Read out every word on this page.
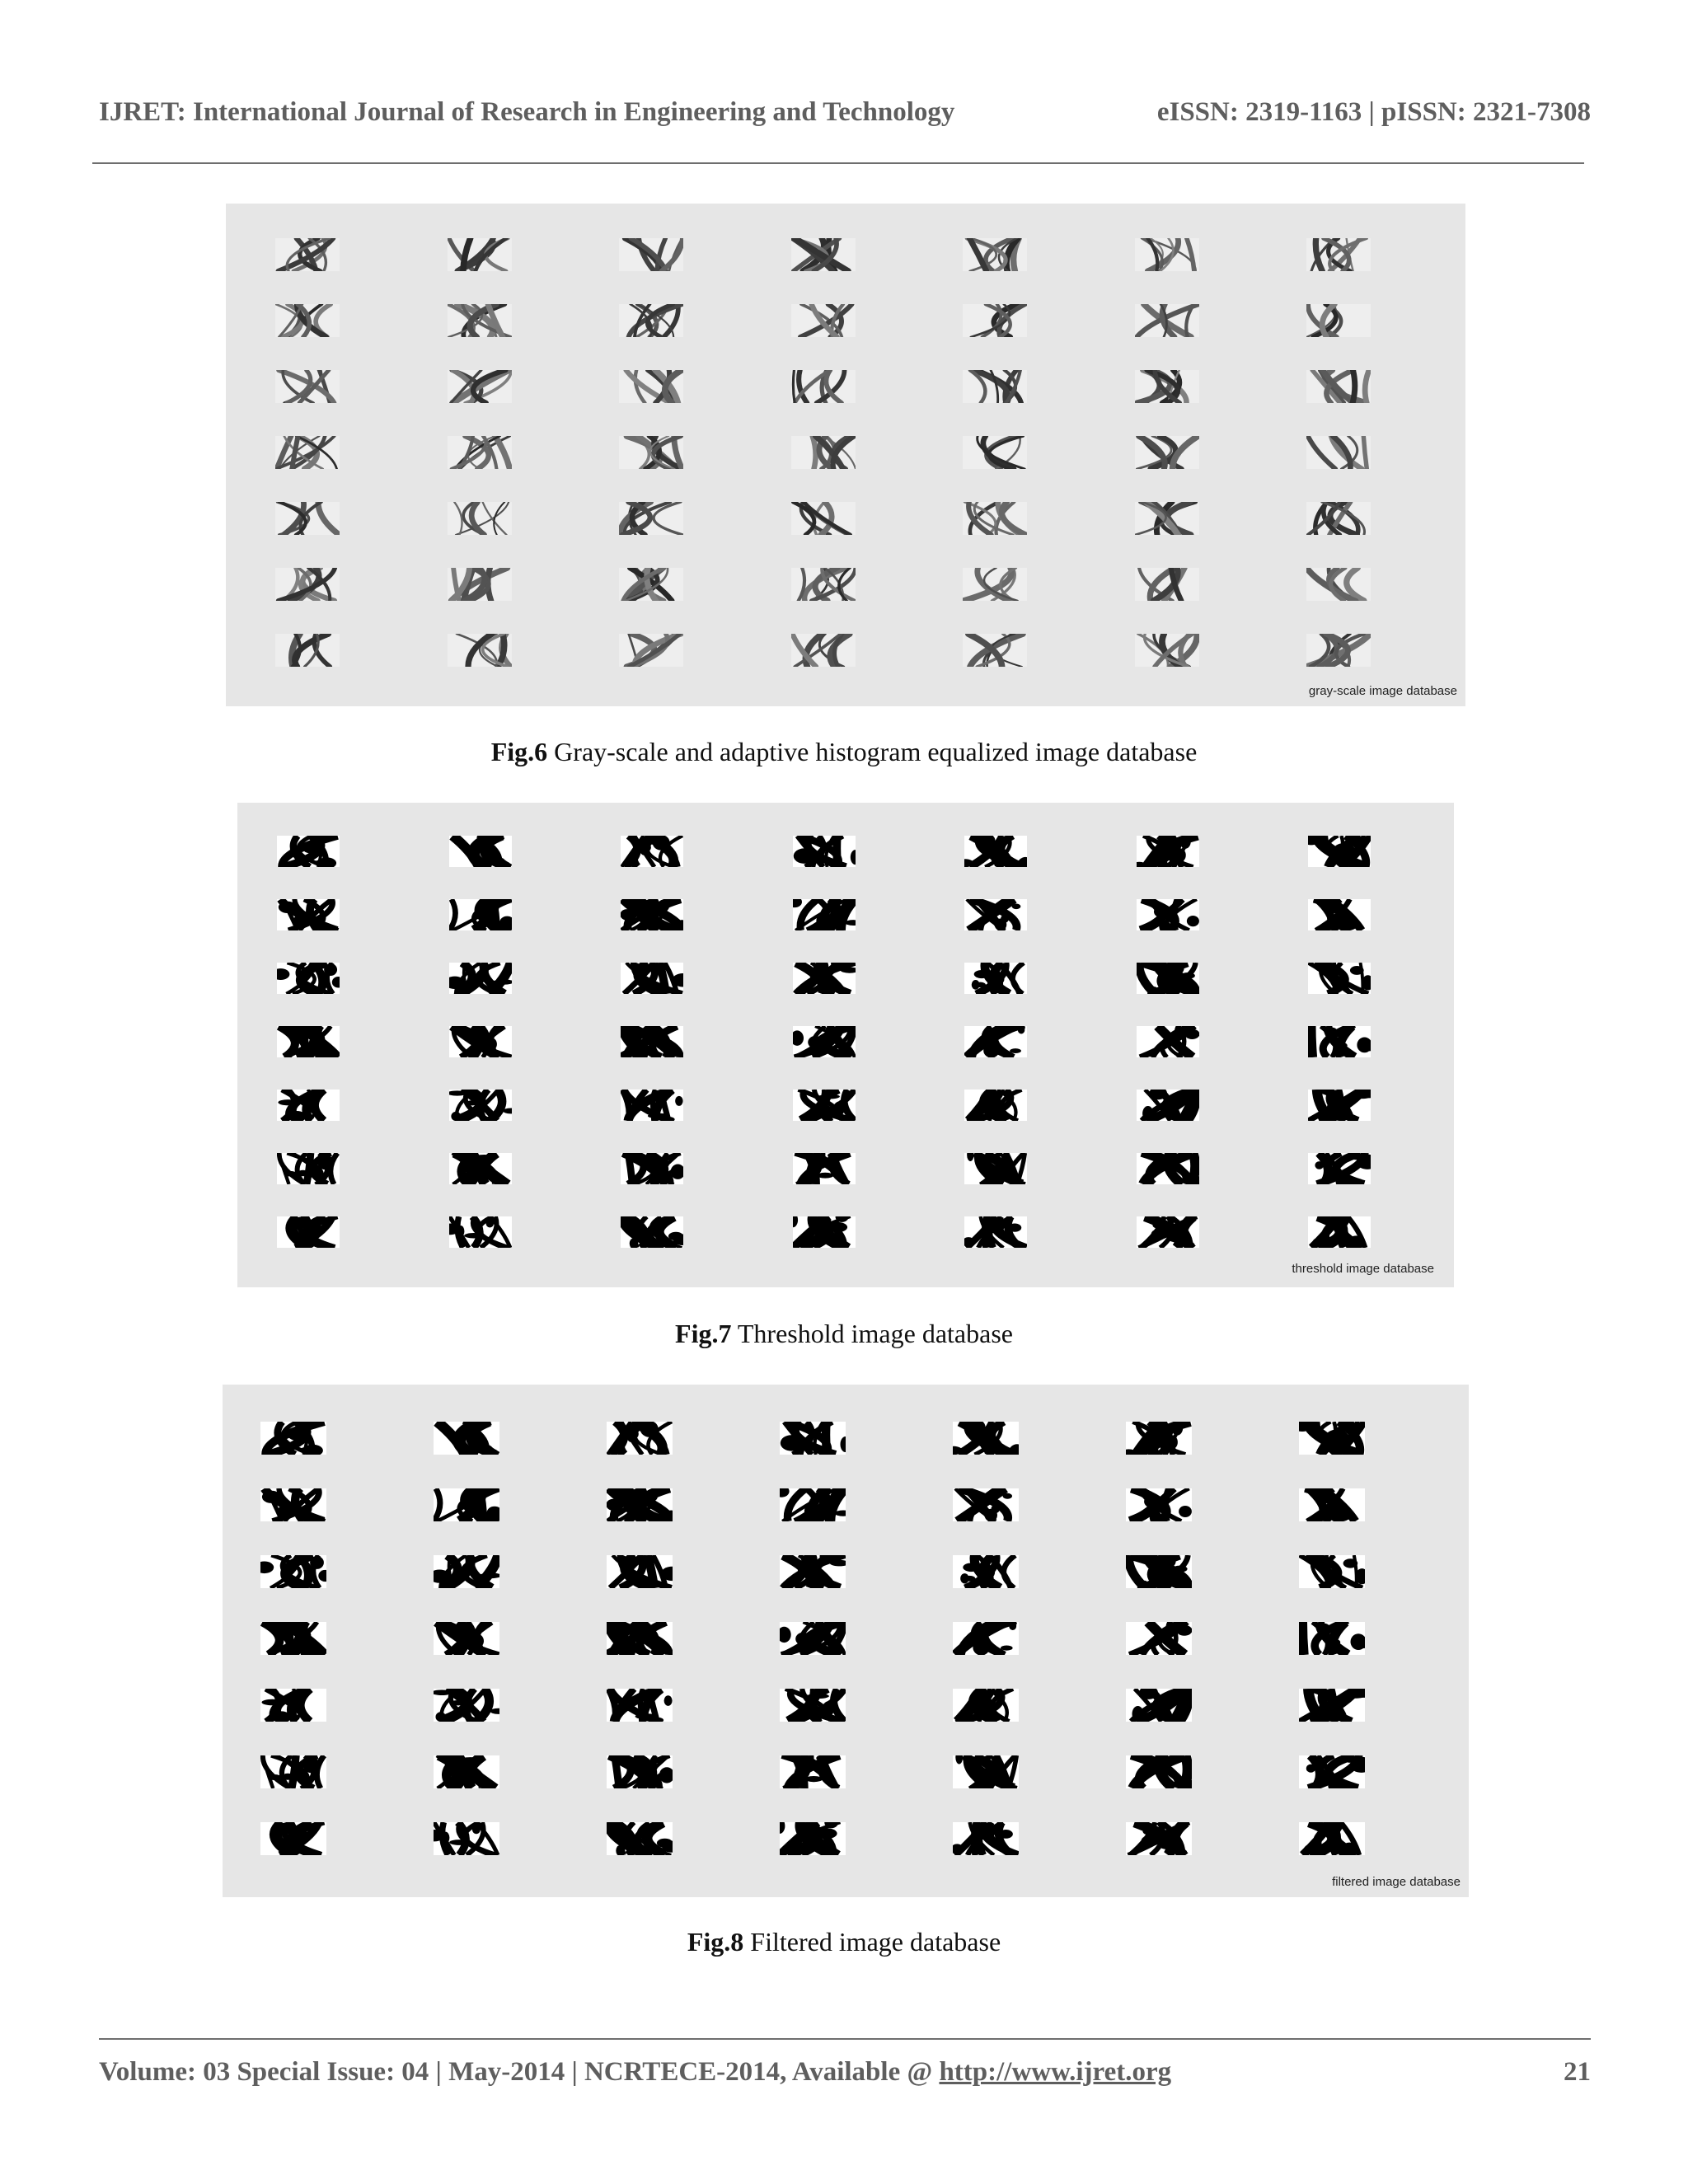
IJRET: International Journal of Research in Engineering and Technology	eISSN: 2319-1163 | pISSN: 2321-7308
gray-scale image database
Fig.6 Gray-scale and adaptive histogram equalized image database
threshold image database
Fig.7 Threshold image database
filtered image database
Fig.8 Filtered image database
Volume: 03 Special Issue: 04 | May-2014 | NCRTECE-2014, Available @ http://www.ijret.org	21
